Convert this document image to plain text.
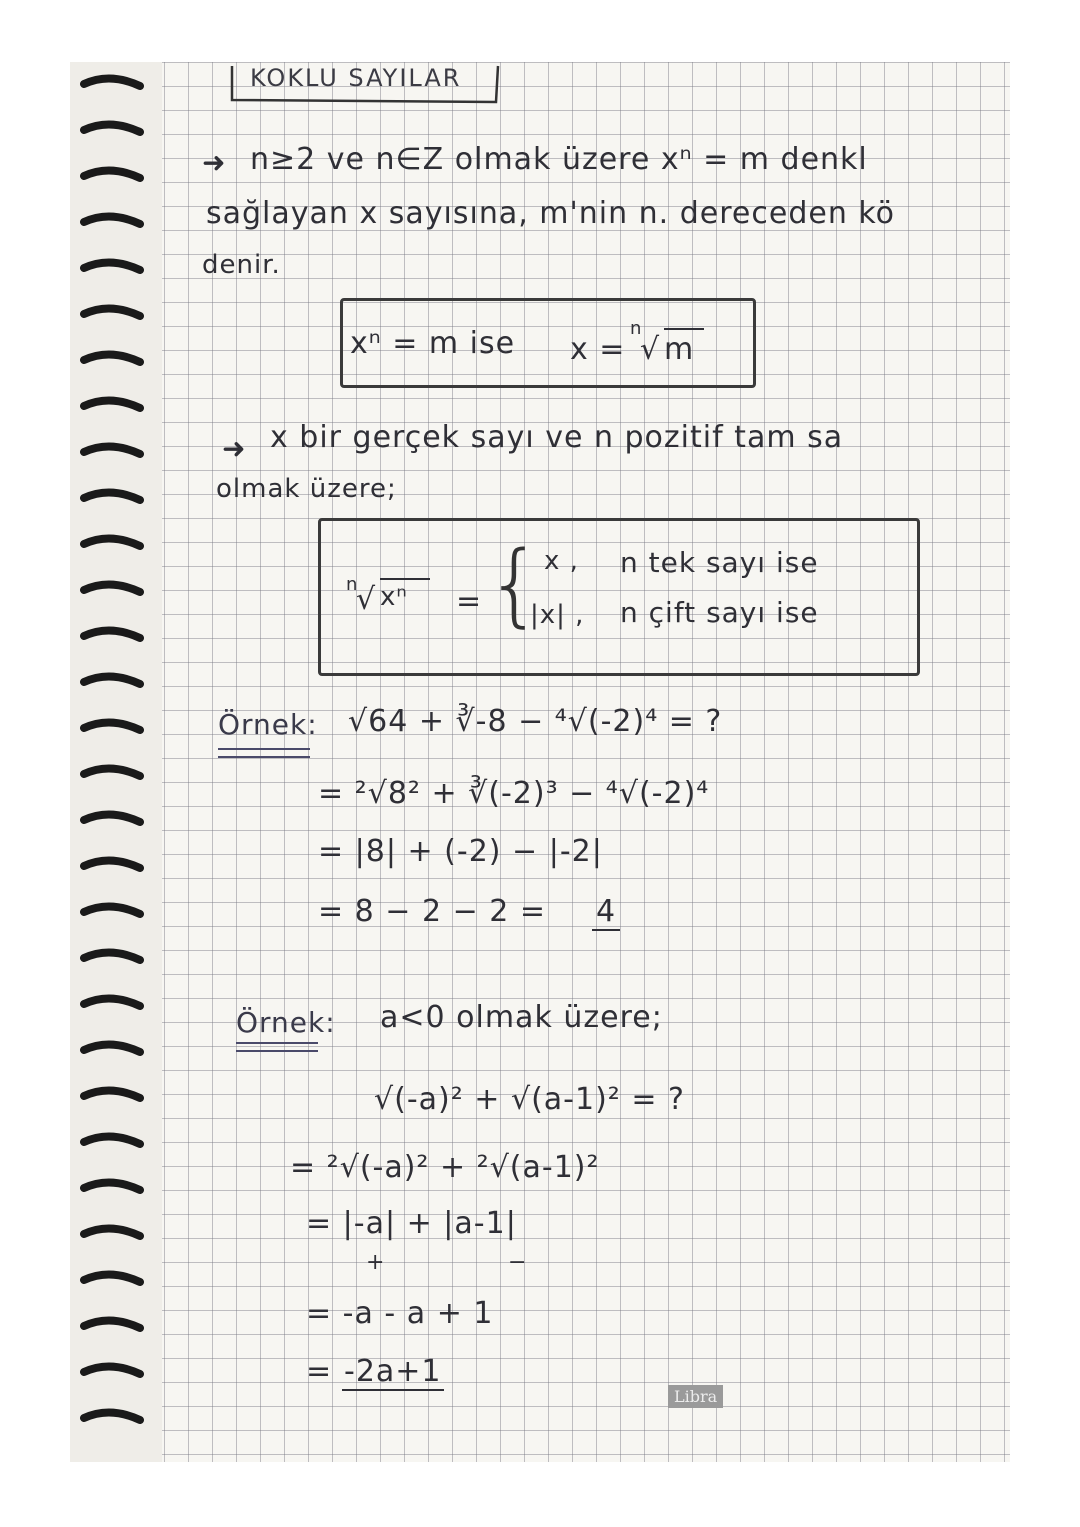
KOKLU SAYILAR
➜ n≥2 ve n∈Z olmak üzere xⁿ = m denkl
sağlayan x sayısına, m'nin n. dereceden kö
denir.
xⁿ = m ise x =
n
√ m
➜ x bir gerçek sayı ve n pozitif tam sa
olmak üzere;
n
√ xⁿ	= { x , n tek sayı ise
|x| , n çift sayı ise
Örnek: √64 + ∛-8 − ⁴√(-2)⁴ = ?
= ²√8² + ∛(-2)³ − ⁴√(-2)⁴
= |8| + (-2) − |-2|
= 8 − 2 − 2 = 4
Örnek: a<0 olmak üzere;
√(-a)² + √(a-1)² = ?
= ²√(-a)² + ²√(a-1)²
= |-a| + |a-1|
+	−
= -a - a + 1
= -2a+1
Libra
